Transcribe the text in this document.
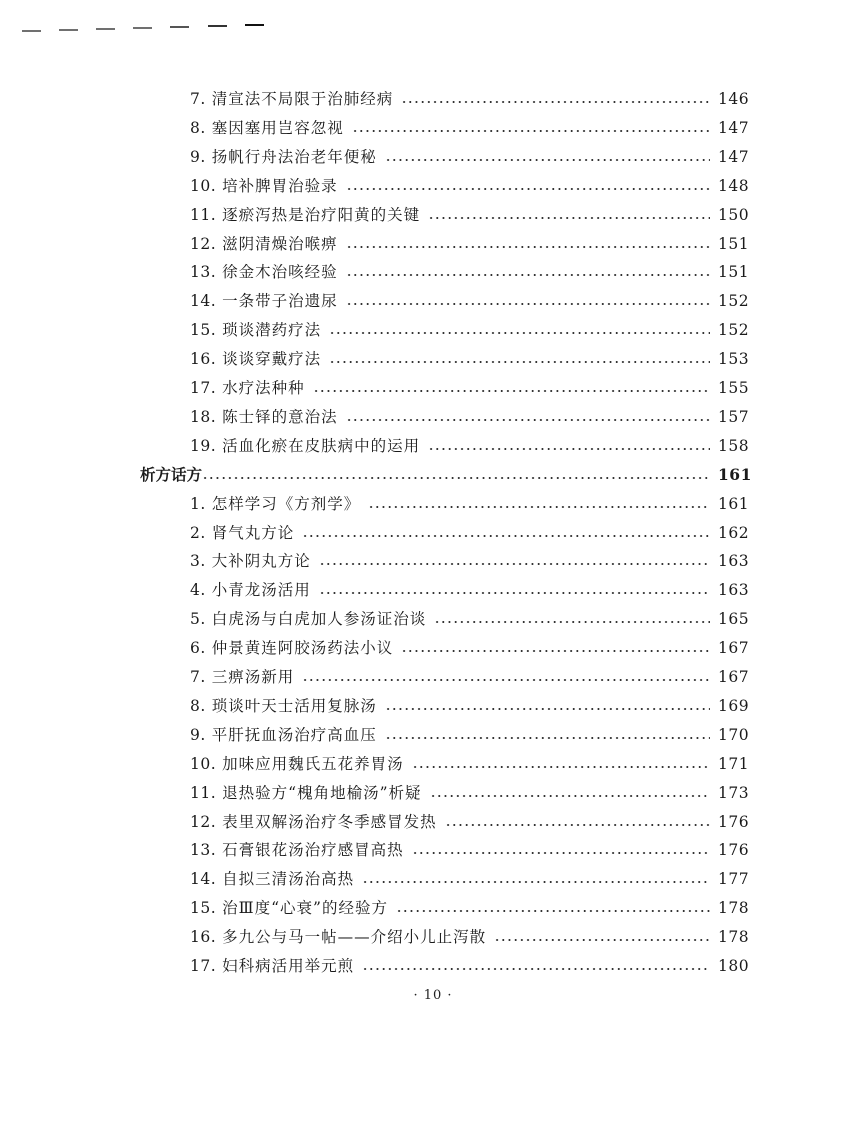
7. 清宣法不局限于治肺经病	146
8. 塞因塞用岂容忽视	147
9. 扬帆行舟法治老年便秘	147
10. 培补脾胃治验录	148
11. 逐瘀泻热是治疗阳黄的关键	150
12. 滋阴清燥治喉痹	151
13. 徐金木治咳经验	151
14. 一条带子治遗尿	152
15. 琐谈潜药疗法	152
16. 谈谈穿戴疗法	153
17. 水疗法种种	155
18. 陈士铎的意治法	157
19. 活血化瘀在皮肤病中的运用	158
析方话方	161
1. 怎样学习《方剂学》	161
2. 肾气丸方论	162
3. 大补阴丸方论	163
4. 小青龙汤活用	163
5. 白虎汤与白虎加人参汤证治谈	165
6. 仲景黄连阿胶汤药法小议	167
7. 三痹汤新用	167
8. 琐谈叶天士活用复脉汤	169
9. 平肝抚血汤治疗高血压	170
10. 加味应用魏氏五花养胃汤	171
11. 退热验方“槐角地榆汤”析疑	173
12. 表里双解汤治疗冬季感冒发热	176
13. 石膏银花汤治疗感冒高热	176
14. 自拟三清汤治高热	177
15. 治Ⅲ度“心衰”的经验方	178
16. 多九公与马一帖——介绍小儿止泻散	178
17. 妇科病活用举元煎	180
· 10 ·
